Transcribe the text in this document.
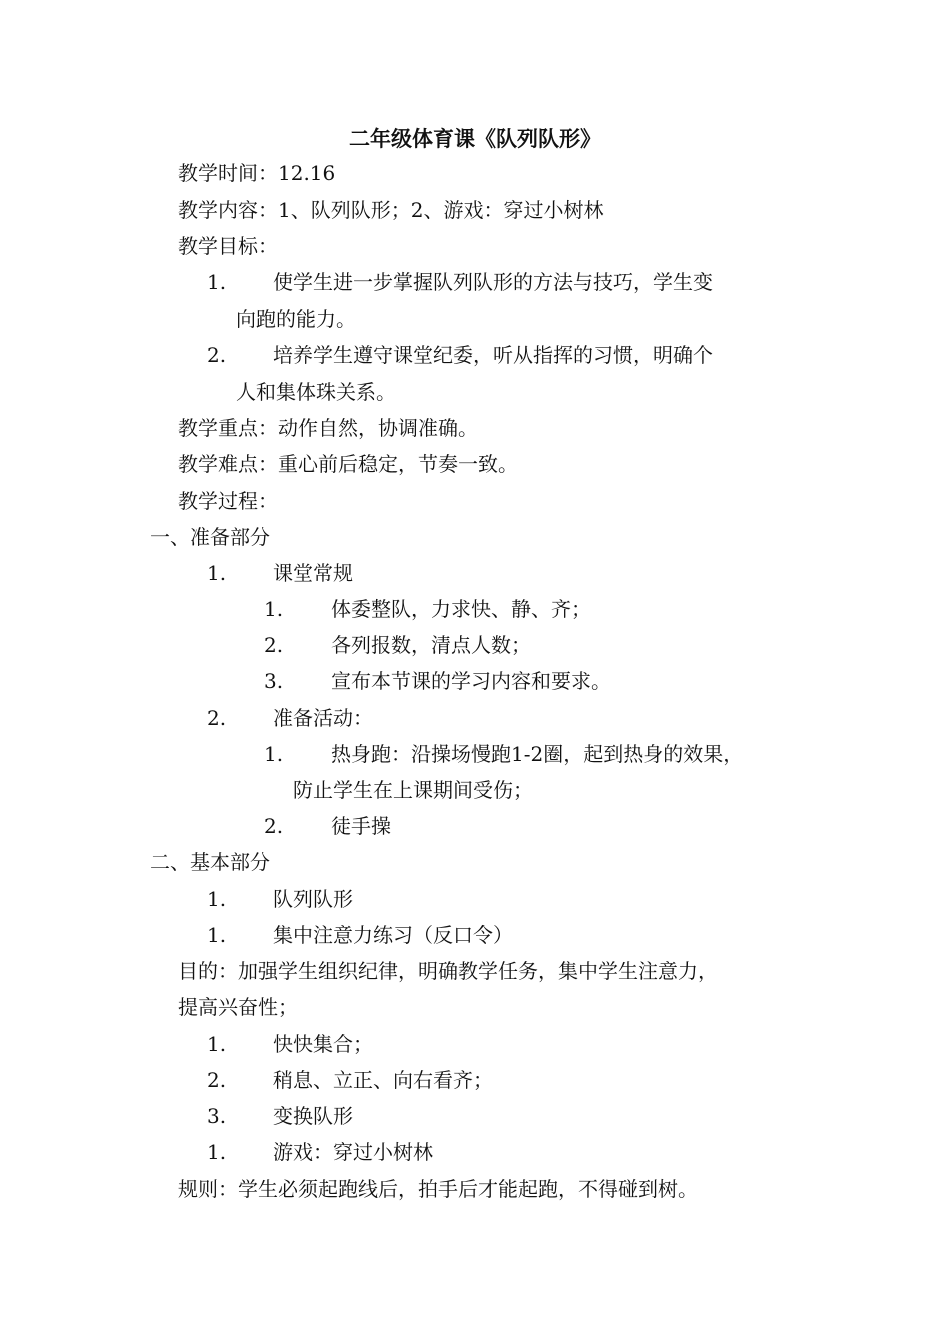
二年级体育课《队列队形》
教学时间：12.16
教学内容：1、队列队形；2、游戏：穿过小树林
教学目标：
1. 使学生进一步掌握队列队形的方法与技巧，学生变
向跑的能力。
2. 培养学生遵守课堂纪委，听从指挥的习惯，明确个
人和集体珠关系。
教学重点：动作自然，协调准确。
教学难点：重心前后稳定，节奏一致。
教学过程：
一、准备部分
1. 课堂常规
1. 体委整队，力求快、静、齐；
2. 各列报数，清点人数；
3. 宣布本节课的学习内容和要求。
2. 准备活动：
1. 热身跑：沿操场慢跑1-2圈，起到热身的效果，
防止学生在上课期间受伤；
2. 徒手操
二、基本部分
1. 队列队形
1. 集中注意力练习（反口令）
目的：加强学生组织纪律，明确教学任务，集中学生注意力，
提高兴奋性；
1. 快快集合；
2. 稍息、立正、向右看齐；
3. 变换队形
1. 游戏：穿过小树林
规则：学生必须起跑线后，拍手后才能起跑，不得碰到树。
